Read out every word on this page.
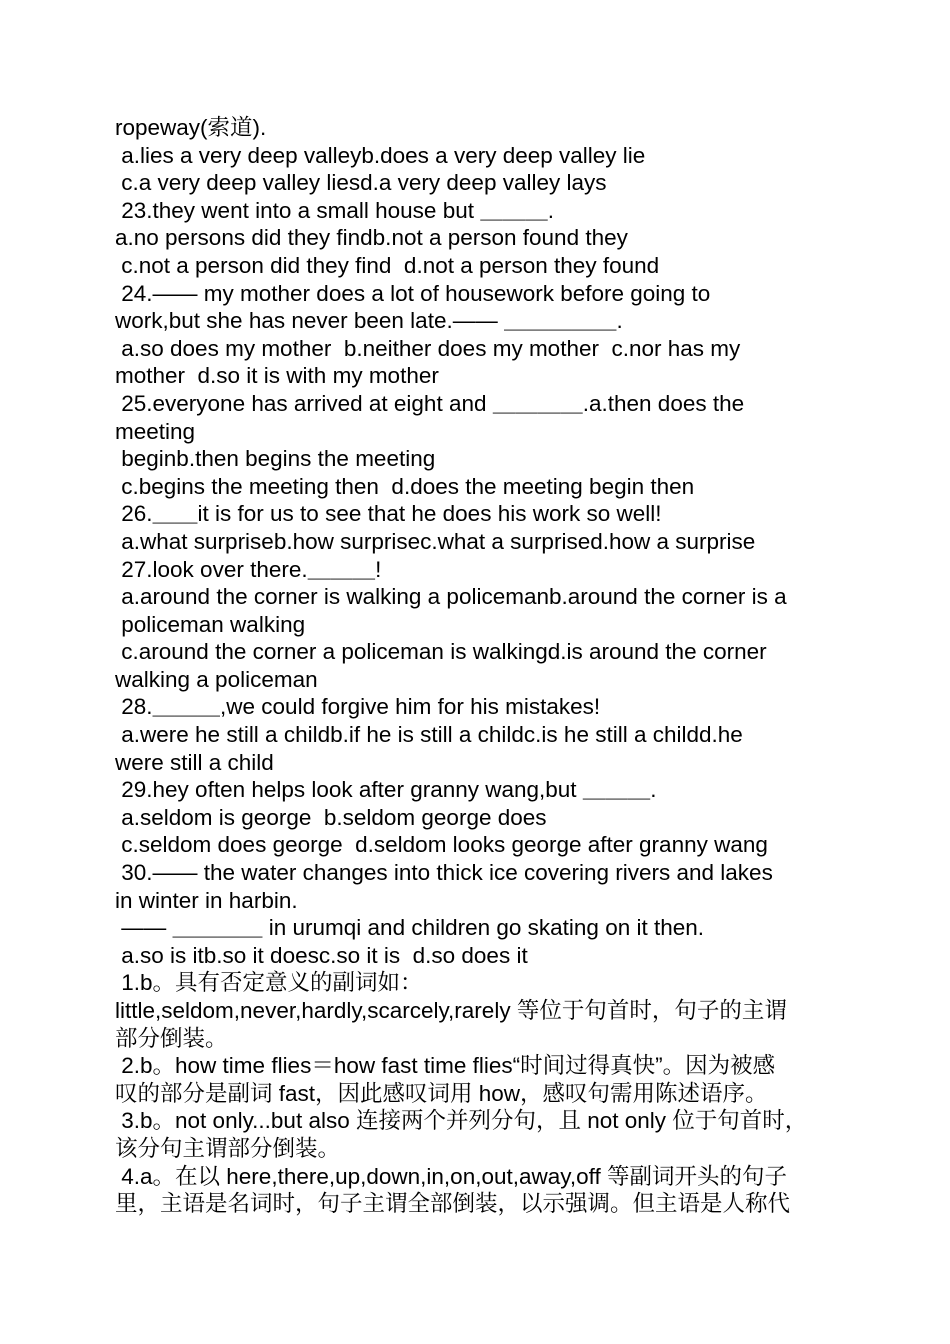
ropeway(索道).
a.lies a very deep valleyb.does a very deep valley lie
c.a very deep valley liesd.a very deep valley lays
23.they went into a small house but ＿＿＿.
a.no persons did they findb.not a person found they
c.not a person did they find  d.not a person they found
24.—— my mother does a lot of housework before going to
work,but she has never been late.—— ＿＿＿＿＿.
a.so does my mother  b.neither does my mother  c.nor has my
mother  d.so it is with my mother
25.everyone has arrived at eight and ＿＿＿＿.a.then does the
meeting
beginb.then begins the meeting
c.begins the meeting then  d.does the meeting begin then
26.＿＿it is for us to see that he does his work so well!
a.what surpriseb.how surprisec.what a surprised.how a surprise
27.look over there.＿＿＿!
a.around the corner is walking a policemanb.around the corner is a
policeman walking
c.around the corner a policeman is walkingd.is around the corner
walking a policeman
28.＿＿＿,we could forgive him for his mistakes!
a.were he still a childb.if he is still a childc.is he still a childd.he
were still a child
29.hey often helps look after granny wang,but ＿＿＿.
a.seldom is george  b.seldom george does
c.seldom does george  d.seldom looks george after granny wang
30.—— the water changes into thick ice covering rivers and lakes
in winter in harbin.
—— ＿＿＿＿ in urumqi and children go skating on it then.
a.so is itb.so it doesc.so it is  d.so does it
1.b。具有否定意义的副词如：
little,seldom,never,hardly,scarcely,rarely 等位于句首时，句子的主谓
部分倒装。
2.b。how time flies＝how fast time flies“时间过得真快”。因为被感
叹的部分是副词 fast，因此感叹词用 how，感叹句需用陈述语序。
3.b。not only...but also 连接两个并列分句，且 not only 位于句首时，
该分句主谓部分倒装。
4.a。在以 here,there,up,down,in,on,out,away,off 等副词开头的句子
里，主语是名词时，句子主谓全部倒装，以示强调。但主语是人称代
